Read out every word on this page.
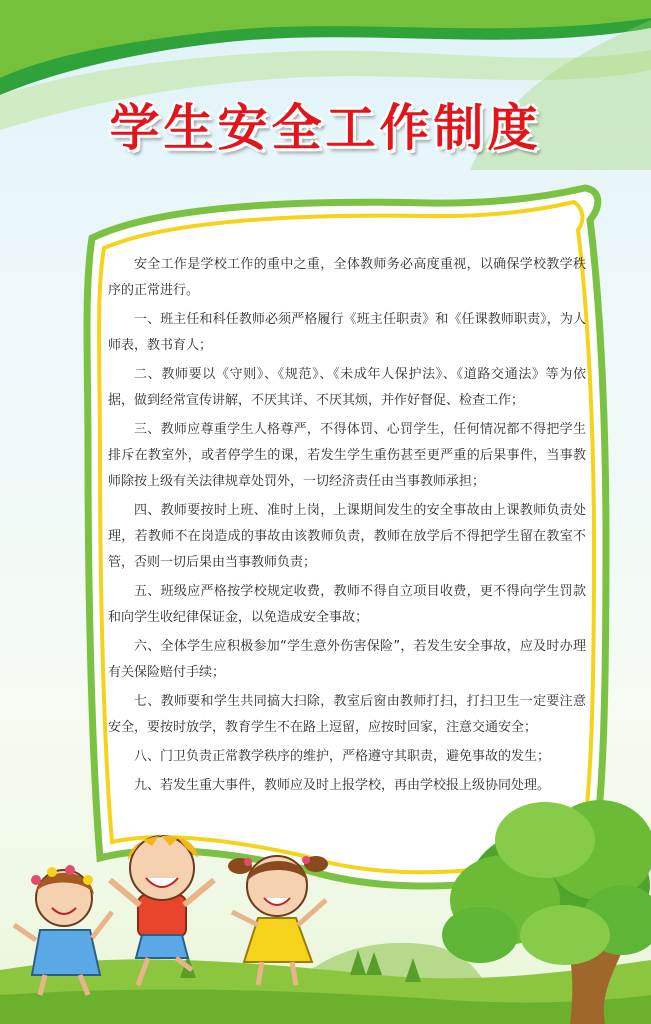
学生安全工作制度

安全工作是学校工作的重中之重，全体教师务必高度重视，以确保学校教学秩序的正常进行。

一、班主任和科任教师必须严格履行《班主任职责》和《任课教师职责》，为人师表，教书育人；

二、教师要以《守则》、《规范》、《未成年人保护法》、《道路交通法》等为依据，做到经常宣传讲解，不厌其详、不厌其烦，并作好督促、检查工作；

三、教师应尊重学生人格尊严，不得体罚、心罚学生，任何情况都不得把学生排斥在教室外，或者停学生的课，若发生学生重伤甚至更严重的后果事件，当事教师除按上级有关法律规章处罚外，一切经济责任由当事教师承担；

四、教师要按时上班、准时上岗，上课期间发生的安全事故由上课教师负责处理，若教师不在岗造成的事故由该教师负责，教师在放学后不得把学生留在教室不管，否则一切后果由当事教师负责；

五、班级应严格按学校规定收费，教师不得自立项目收费，更不得向学生罚款和向学生收纪律保证金，以免造成安全事故；

六、全体学生应积极参加“学生意外伤害保险”，若发生安全事故，应及时办理有关保险赔付手续；

七、教师要和学生共同搞大扫除，教室后窗由教师打扫，打扫卫生一定要注意安全，要按时放学，教育学生不在路上逗留，应按时回家，注意交通安全；

八、门卫负责正常教学秩序的维护，严格遵守其职责，避免事故的发生；

九、若发生重大事件，教师应及时上报学校，再由学校报上级协同处理。
